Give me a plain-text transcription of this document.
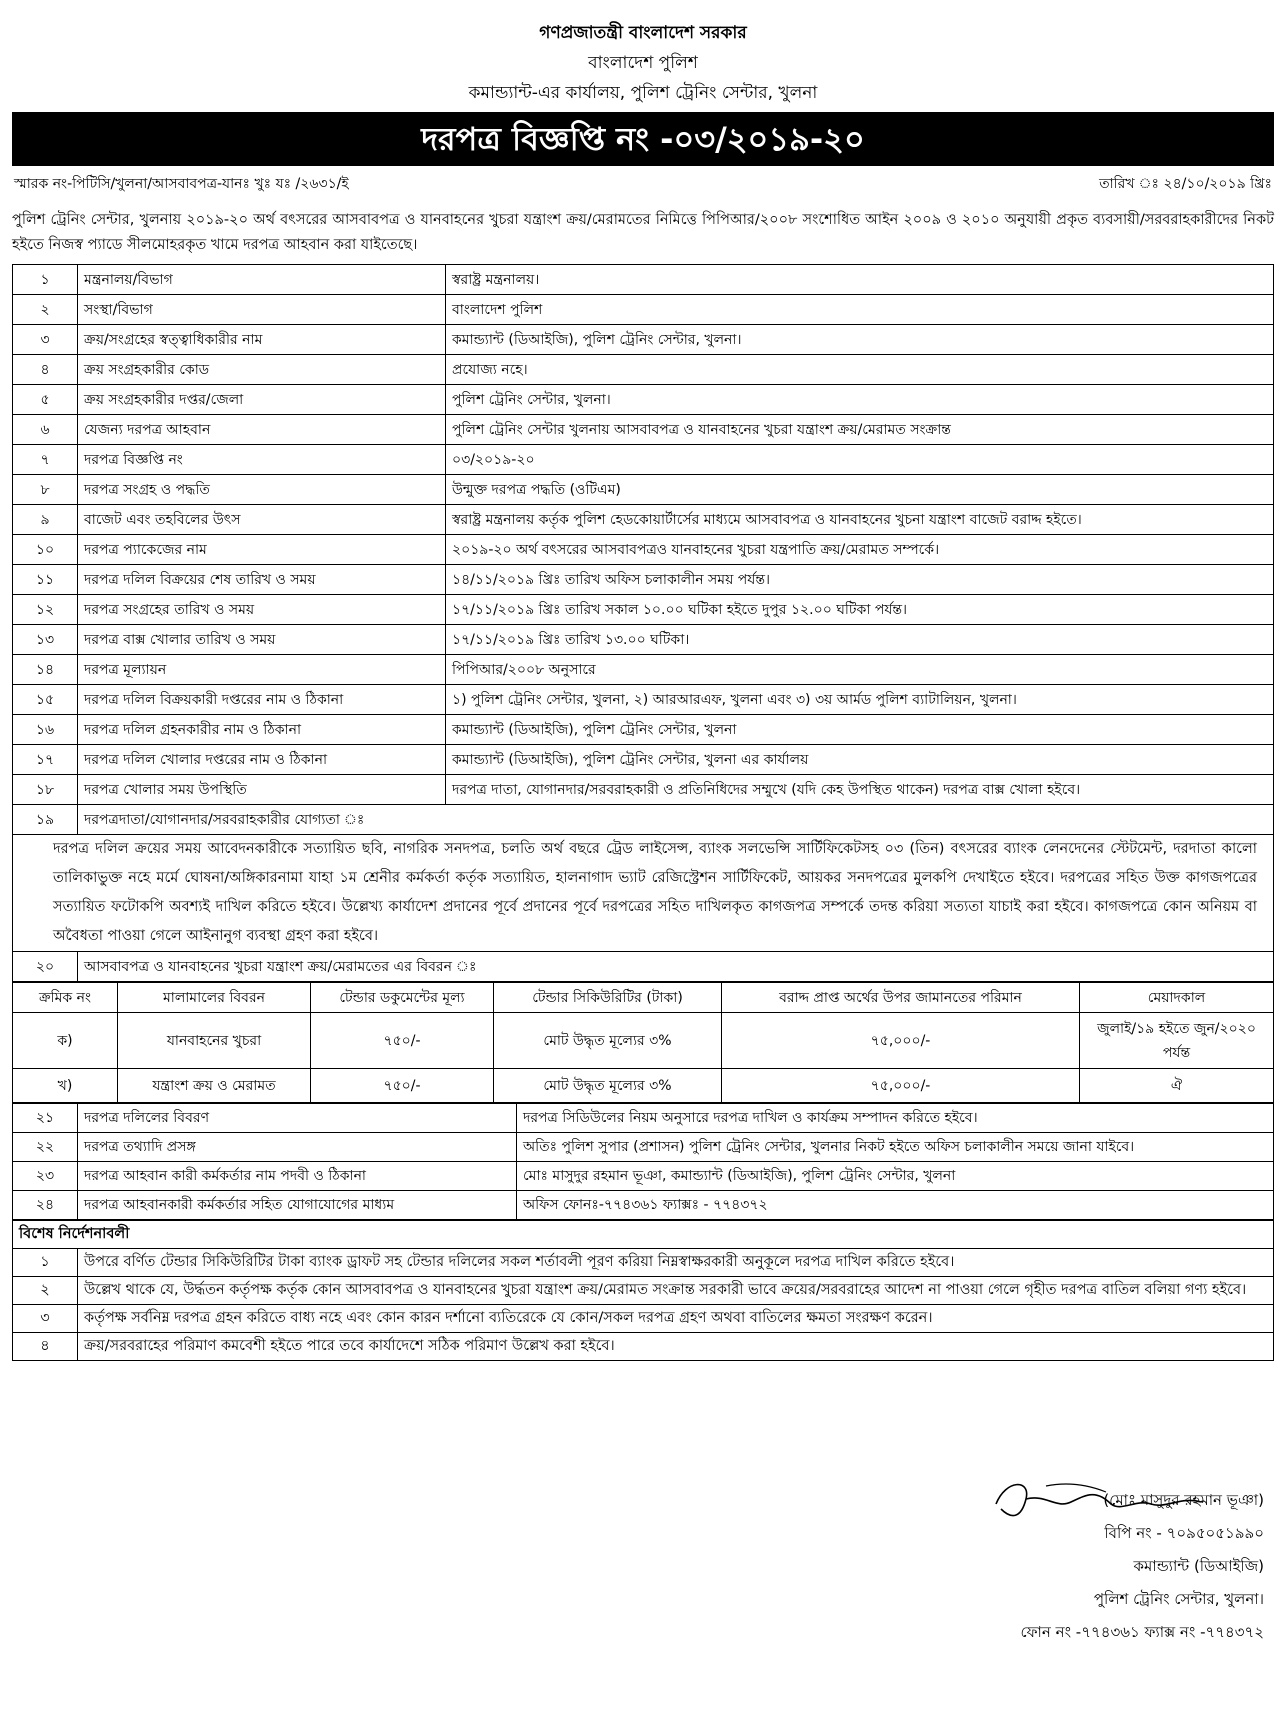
গণপ্রজাতন্ত্রী বাংলাদেশ সরকার
বাংলাদেশ পুলিশ
কমান্ড্যান্ট-এর কার্যালয়, পুলিশ ট্রেনিং সেন্টার, খুলনা
দরপত্র বিজ্ঞপ্তি নং -০৩/২০১৯-২০
স্মারক নং-পিটিসি/খুলনা/আসবাবপত্র-যানঃ খুঃ যঃ /২৬৩১/ই	তারিখ ঃ ২৪/১০/২০১৯ খ্রিঃ
পুলিশ ট্রেনিং সেন্টার, খুলনায় ২০১৯-২০ অর্থ বৎসরের আসবাবপত্র ও যানবাহনের খুচরা যন্ত্রাংশ ক্রয়/মেরামতের নিমিত্তে পিপিআর/২০০৮ সংশোধিত আইন ২০০৯ ও ২০১০ অনুযায়ী প্রকৃত ব্যবসায়ী/সরবরাহকারীদের নিকট হইতে নিজস্ব প্যাডে সীলমোহরকৃত খামে দরপত্র আহবান করা যাইতেছে।
১	মন্ত্রনালয়/বিভাগ	স্বরাষ্ট্র মন্ত্রনালয়।
২	সংস্থা/বিভাগ	বাংলাদেশ পুলিশ
৩	ক্রয়/সংগ্রহের স্বত্ত্বাধিকারীর নাম	কমান্ড্যান্ট (ডিআইজি), পুলিশ ট্রেনিং সেন্টার, খুলনা।
৪	ক্রয় সংগ্রহকারীর কোড	প্রযোজ্য নহে।
৫	ক্রয় সংগ্রহকারীর দপ্তর/জেলা	পুলিশ ট্রেনিং সেন্টার, খুলনা।
৬	যেজন্য দরপত্র আহবান	পুলিশ ট্রেনিং সেন্টার খুলনায় আসবাবপত্র ও যানবাহনের খুচরা যন্ত্রাংশ ক্রয়/মেরামত সংক্রান্ত
৭	দরপত্র বিজ্ঞপ্তি নং	০৩/২০১৯-২০
৮	দরপত্র সংগ্রহ ও পদ্ধতি	উন্মুক্ত দরপত্র পদ্ধতি (ওটিএম)
৯	বাজেট এবং তহবিলের উৎস	স্বরাষ্ট্র মন্ত্রনালয় কর্তৃক পুলিশ হেডকোয়ার্টার্সের মাধ্যমে আসবাবপত্র ও যানবাহনের খুচনা যন্ত্রাংশ বাজেট বরাদ্দ হইতে।
১০	দরপত্র প্যাকেজের নাম	২০১৯-২০ অর্থ বৎসরের আসবাবপত্রও যানবাহনের খুচরা যন্ত্রপাতি ক্রয়/মেরামত সম্পর্কে।
১১	দরপত্র দলিল বিক্রয়ের শেষ তারিখ ও সময়	১৪/১১/২০১৯ খ্রিঃ তারিখ অফিস চলাকালীন সময় পর্যন্ত।
১২	দরপত্র সংগ্রহের তারিখ ও সময়	১৭/১১/২০১৯ খ্রিঃ তারিখ সকাল ১০.০০ ঘটিকা হইতে দুপুর ১২.০০ ঘটিকা পর্যন্ত।
১৩	দরপত্র বাক্স খোলার তারিখ ও সময়	১৭/১১/২০১৯ খ্রিঃ তারিখ ১৩.০০ ঘটিকা।
১৪	দরপত্র মূল্যায়ন	পিপিআর/২০০৮ অনুসারে
১৫	দরপত্র দলিল বিক্রয়কারী দপ্তরের নাম ও ঠিকানা	১) পুলিশ ট্রেনিং সেন্টার, খুলনা, ২) আরআরএফ, খুলনা এবং ৩) ৩য় আর্মড পুলিশ ব্যাটালিয়ন, খুলনা।
১৬	দরপত্র দলিল গ্রহনকারীর নাম ও ঠিকানা	কমান্ড্যান্ট (ডিআইজি), পুলিশ ট্রেনিং সেন্টার, খুলনা
১৭	দরপত্র দলিল খোলার দপ্তরের নাম ও ঠিকানা	কমান্ড্যান্ট (ডিআইজি), পুলিশ ট্রেনিং সেন্টার, খুলনা এর কার্যালয়
১৮	দরপত্র খোলার সময় উপস্থিতি	দরপত্র দাতা, যোগানদার/সরবরাহকারী ও প্রতিনিধিদের সম্মুখে (যদি কেহ উপস্থিত থাকেন) দরপত্র বাক্স খোলা হইবে।
১৯	দরপত্রদাতা/যোগানদার/সরবরাহকারীর যোগ্যতা ঃ	
দরপত্র দলিল ক্রয়ের সময় আবেদনকারীকে সত্যায়িত ছবি, নাগরিক সনদপত্র, চলতি অর্থ বছরে ট্রেড লাইসেন্স, ব্যাংক সলভেন্সি সার্টিফিকেটসহ ০৩ (তিন) বৎসরের ব্যাংক লেনদেনের স্টেটমেন্ট, দরদাতা কালো তালিকাভুক্ত নহে মর্মে ঘোষনা/অঙ্গিকারনামা যাহা ১ম শ্রেনীর কর্মকর্তা কর্তৃক সত্যায়িত, হালনাগাদ ভ্যাট রেজিস্ট্রেশন সার্টিফিকেট, আয়কর সনদপত্রের মুলকপি দেখাইতে হইবে। দরপত্রের সহিত উক্ত কাগজপত্রের সত্যায়িত ফটোকপি অবশ্যই দাখিল করিতে হইবে। উল্লেখ্য কার্যাদেশ প্রদানের পূর্বে প্রদানের পূর্বে দরপত্রের সহিত দাখিলকৃত কাগজপত্র সম্পর্কে তদন্ত করিয়া সত্যতা যাচাই করা হইবে। কাগজপত্রে কোন অনিয়ম বা অবৈধতা পাওয়া গেলে আইনানুগ ব্যবস্থা গ্রহণ করা হইবে।		
২০	আসবাবপত্র ও যানবাহনের খুচরা যন্ত্রাংশ ক্রয়/মেরামতের এর বিবরন ঃ	
ক্রমিক নং	মালামালের বিবরন	টেন্ডার ডকুমেন্টের মূল্য	টেন্ডার সিকিউরিটির (টাকা)	বরাদ্দ প্রাপ্ত অর্থের উপর জামানতের পরিমান	মেয়াদকাল
ক)	যানবাহনের খুচরা	৭৫০/-	মোট উদ্ধৃত মূল্যের ৩%	৭৫,০০০/-	জুলাই/১৯ হইতে জুন/২০২০ পর্যন্ত
খ)	যন্ত্রাংশ ক্রয় ও মেরামত	৭৫০/-	মোট উদ্ধৃত মূল্যের ৩%	৭৫,০০০/-	ঐ
২১	দরপত্র দলিলের বিবরণ	দরপত্র সিডিউলের নিয়ম অনুসারে দরপত্র দাখিল ও কার্যক্রম সম্পাদন করিতে হইবে।
২২	দরপত্র তথ্যাদি প্রসঙ্গ	অতিঃ পুলিশ সুপার (প্রশাসন) পুলিশ ট্রেনিং সেন্টার, খুলনার নিকট হইতে অফিস চলাকালীন সময়ে জানা যাইবে।
২৩	দরপত্র আহবান কারী কর্মকর্তার নাম পদবী ও ঠিকানা	মোঃ মাসুদুর রহমান ভূঞা, কমান্ড্যান্ট (ডিআইজি), পুলিশ ট্রেনিং সেন্টার, খুলনা
২৪	দরপত্র আহবানকারী কর্মকর্তার সহিত যোগাযোগের মাধ্যম	অফিস ফোনঃ-৭৭৪৩৬১ ফ্যাক্সঃ - ৭৭৪৩৭২
বিশেষ নির্দেশনাবলী	
১	উপরে বর্ণিত টেন্ডার সিকিউরিটির টাকা ব্যাংক ড্রাফট সহ টেন্ডার দলিলের সকল শর্তাবলী পূরণ করিয়া নিম্নস্বাক্ষরকারী অনুকূলে দরপত্র দাখিল করিতে হইবে।
২	উল্লেখ থাকে যে, উর্দ্ধতন কর্তৃপক্ষ কর্তৃক কোন আসবাবপত্র ও যানবাহনের খুচরা যন্ত্রাংশ ক্রয়/মেরামত সংক্রান্ত সরকারী ভাবে ক্রয়ের/সরবরাহের আদেশ না পাওয়া গেলে গৃহীত দরপত্র বাতিল বলিয়া গণ্য হইবে।
৩	কর্তৃপক্ষ সর্বনিম্ন দরপত্র গ্রহন করিতে বাধ্য নহে এবং কোন কারন দর্শানো ব্যতিরেকে যে কোন/সকল দরপত্র গ্রহণ অথবা বাতিলের ক্ষমতা সংরক্ষণ করেন।
৪	ক্রয়/সরবরাহের পরিমাণ কমবেশী হইতে পারে তবে কার্যাদেশে সঠিক পরিমাণ উল্লেখ করা হইবে।
(মোঃ মাসুদুর রহমান ভূঞা)
বিপি নং - ৭০৯৫০৫১৯৯০
কমান্ড্যান্ট (ডিআইজি)
পুলিশ ট্রেনিং সেন্টার, খুলনা।
ফোন নং -৭৭৪৩৬১ ফ্যাক্স নং -৭৭৪৩৭২
